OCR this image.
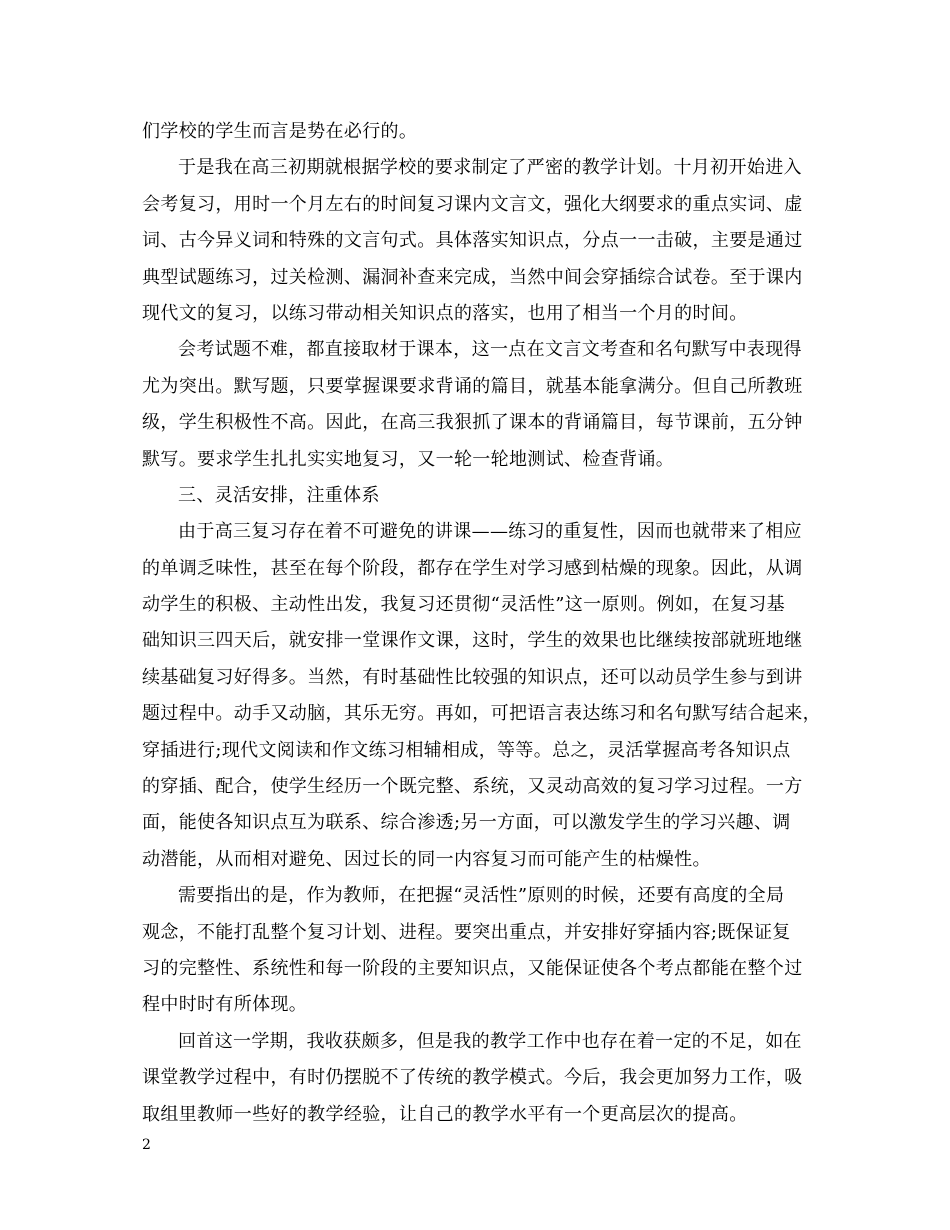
们学校的学生而言是势在必行的。
于是我在高三初期就根据学校的要求制定了严密的教学计划。十月初开始进入
会考复习，用时一个月左右的时间复习课内文言文，强化大纲要求的重点实词、虚
词、古今异义词和特殊的文言句式。具体落实知识点，分点一一击破，主要是通过
典型试题练习，过关检测、漏洞补查来完成，当然中间会穿插综合试卷。至于课内
现代文的复习，以练习带动相关知识点的落实，也用了相当一个月的时间。
会考试题不难，都直接取材于课本，这一点在文言文考查和名句默写中表现得
尤为突出。默写题，只要掌握课要求背诵的篇目，就基本能拿满分。但自己所教班
级，学生积极性不高。因此，在高三我狠抓了课本的背诵篇目，每节课前，五分钟
默写。要求学生扎扎实实地复习，又一轮一轮地测试、检查背诵。
三、灵活安排，注重体系
由于高三复习存在着不可避免的讲课——练习的重复性，因而也就带来了相应
的单调乏味性，甚至在每个阶段，都存在学生对学习感到枯燥的现象。因此，从调
动学生的积极、主动性出发，我复习还贯彻“灵活性”这一原则。例如，在复习基
础知识三四天后，就安排一堂课作文课，这时，学生的效果也比继续按部就班地继
续基础复习好得多。当然，有时基础性比较强的知识点，还可以动员学生参与到讲
题过程中。动手又动脑，其乐无穷。再如，可把语言表达练习和名句默写结合起来，
穿插进行;现代文阅读和作文练习相辅相成，等等。总之，灵活掌握高考各知识点
的穿插、配合，使学生经历一个既完整、系统，又灵动高效的复习学习过程。一方
面，能使各知识点互为联系、综合渗透;另一方面，可以激发学生的学习兴趣、调
动潜能，从而相对避免、因过长的同一内容复习而可能产生的枯燥性。
需要指出的是，作为教师，在把握“灵活性”原则的时候，还要有高度的全局
观念，不能打乱整个复习计划、进程。要突出重点，并安排好穿插内容;既保证复
习的完整性、系统性和每一阶段的主要知识点，又能保证使各个考点都能在整个过
程中时时有所体现。
回首这一学期，我收获颇多，但是我的教学工作中也存在着一定的不足，如在
课堂教学过程中，有时仍摆脱不了传统的教学模式。今后，我会更加努力工作，吸
取组里教师一些好的教学经验，让自己的教学水平有一个更高层次的提高。
2
